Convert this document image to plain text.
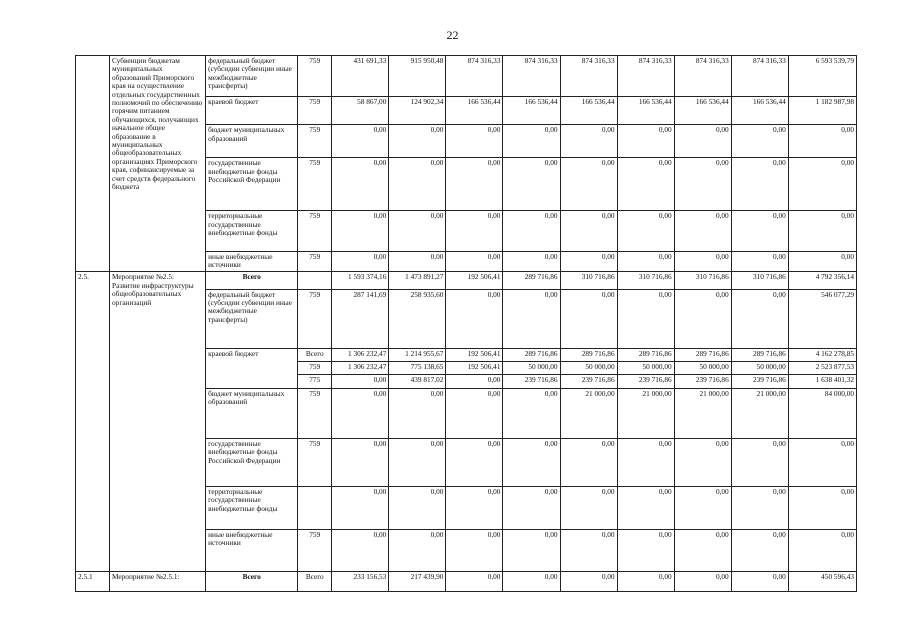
22
	Субвенции бюджетам муниципальных образований Приморского края на осуществление отдельных государственных полномочий по обеспечению горячим питанием обучающихся, получающих начальное общее образование в муниципальных общеобразовательных организациях Приморского края, софинансируемые за счет средств федерального бюджета	федеральный бюджет (субсидии субвенции иные межбюджетные трансферты)	759	431 691,33	915 950,48	874 316,33	874 316,33	874 316,33	874 316,33	874 316,33	874 316,33	6 593 539,79
		краевой бюджет	759	58 867,00	124 902,34	166 536,44	166 536,44	166 536,44	166 536,44	166 536,44	166 536,44	1 182 987,98
		бюджет муниципальных образований	759	0,00	0,00	0,00	0,00	0,00	0,00	0,00	0,00	0,00
		государственные внебюджетные фонды Российской Федерации	759	0,00	0,00	0,00	0,00	0,00	0,00	0,00	0,00	0,00
		территориальные государственные внебюджетные фонды	759	0,00	0,00	0,00	0,00	0,00	0,00	0,00	0,00	0,00
		иные внебюджетные источники	759	0,00	0,00	0,00	0,00	0,00	0,00	0,00	0,00	0,00
2.5.	Мероприятие №2.5: Развитие инфраструктуры общеобразовательных организаций	Всего		1 593 374,16	1 473 891,27	192 506,41	289 716,86	310 716,86	310 716,86	310 716,86	310 716,86	4 792 356,14
		федеральный бюджет (субсидии субвенции иные межбюджетные трансферты)	759	287 141,69	258 935,60	0,00	0,00	0,00	0,00	0,00	0,00	546 077,29
		краевой бюджет	Всего	1 306 232,47	1 214 955,67	192 506,41	289 716,86	289 716,86	289 716,86	289 716,86	289 716,86	4 162 278,85
			759	1 306 232,47	775 138,65	192 506,41	50 000,00	50 000,00	50 000,00	50 000,00	50 000,00	2 523 877,53
			775	0,00	439 817,02	0,00	239 716,86	239 716,86	239 716,86	239 716,86	239 716,86	1 638 401,32
		бюджет муниципальных образований	759	0,00	0,00	0,00	0,00	21 000,00	21 000,00	21 000,00	21 000,00	84 000,00
		государственные внебюджетные фонды Российской Федерации	759	0,00	0,00	0,00	0,00	0,00	0,00	0,00	0,00	0,00
		территориальные государственные внебюджетные фонды		0,00	0,00	0,00	0,00	0,00	0,00	0,00	0,00	0,00
		иные внебюджетные источники	759	0,00	0,00	0,00	0,00	0,00	0,00	0,00	0,00	0,00
2.5.1	Мероприятие №2.5.1:	Всего	Всего	233 156,53	217 439,90	0,00	0,00	0,00	0,00	0,00	0,00	450 596,43
